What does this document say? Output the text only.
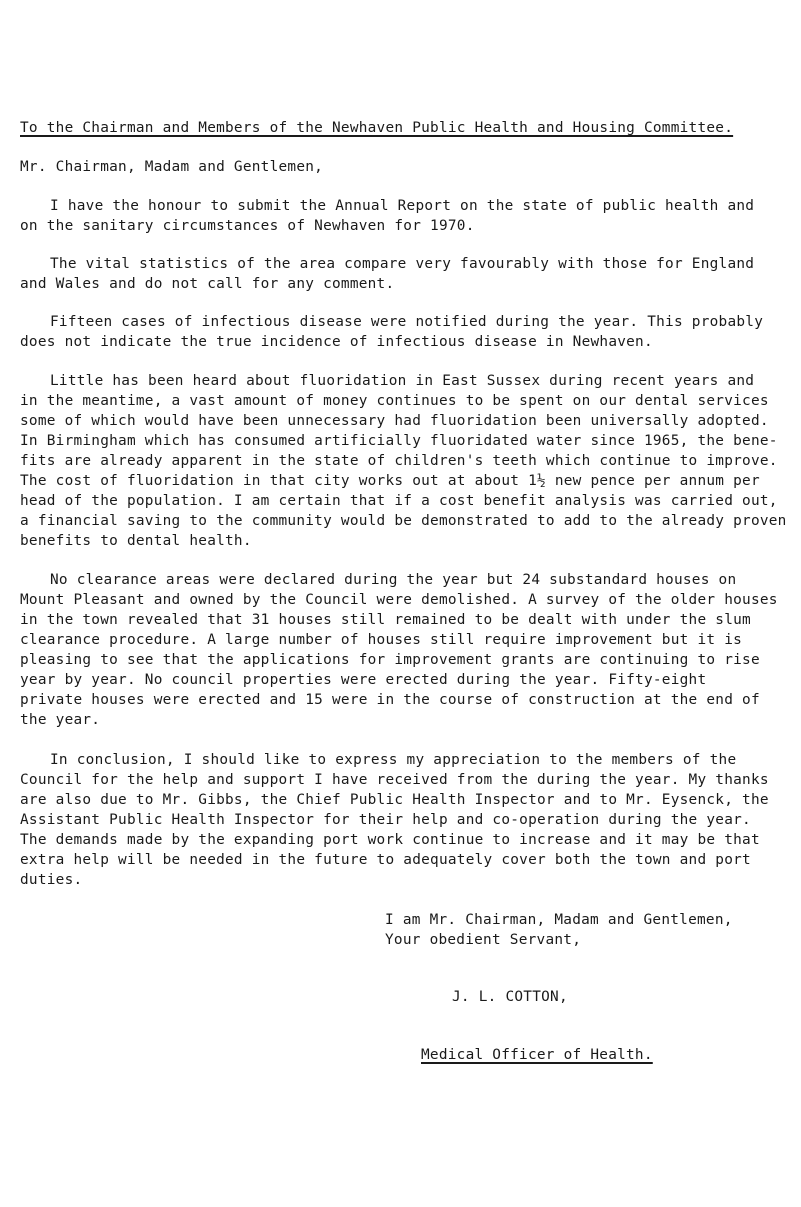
To the Chairman and Members of the Newhaven Public Health and Housing Committee.
Mr. Chairman, Madam and Gentlemen,
I have the honour to submit the Annual Report on the state of public health and
on the sanitary circumstances of Newhaven for 1970.
The vital statistics of the area compare very favourably with those for England
and Wales and do not call for any comment.
Fifteen cases of infectious disease were notified during the year. This probably
does not indicate the true incidence of infectious disease in Newhaven.
Little has been heard about fluoridation in East Sussex during recent years and
in the meantime, a vast amount of money continues to be spent on our dental services
some of which would have been unnecessary had fluoridation been universally adopted.
In Birmingham which has consumed artificially fluoridated water since 1965, the bene-
fits are already apparent in the state of children's teeth which continue to improve.
The cost of fluoridation in that city works out at about 1½ new pence per annum per
head of the population. I am certain that if a cost benefit analysis was carried out,
a financial saving to the community would be demonstrated to add to the already proven
benefits to dental health.
No clearance areas were declared during the year but 24 substandard houses on
Mount Pleasant and owned by the Council were demolished. A survey of the older houses
in the town revealed that 31 houses still remained to be dealt with under the slum
clearance procedure. A large number of houses still require improvement but it is
pleasing to see that the applications for improvement grants are continuing to rise
year by year. No council properties were erected during the year. Fifty-eight
private houses were erected and 15 were in the course of construction at the end of
the year.
In conclusion, I should like to express my appreciation to the members of the
Council for the help and support I have received from the during the year. My thanks
are also due to Mr. Gibbs, the Chief Public Health Inspector and to Mr. Eysenck, the
Assistant Public Health Inspector for their help and co-operation during the year.
The demands made by the expanding port work continue to increase and it may be that
extra help will be needed in the future to adequately cover both the town and port
duties.
I am Mr. Chairman, Madam and Gentlemen,
Your obedient Servant,
J. L. COTTON,
Medical Officer of Health.
